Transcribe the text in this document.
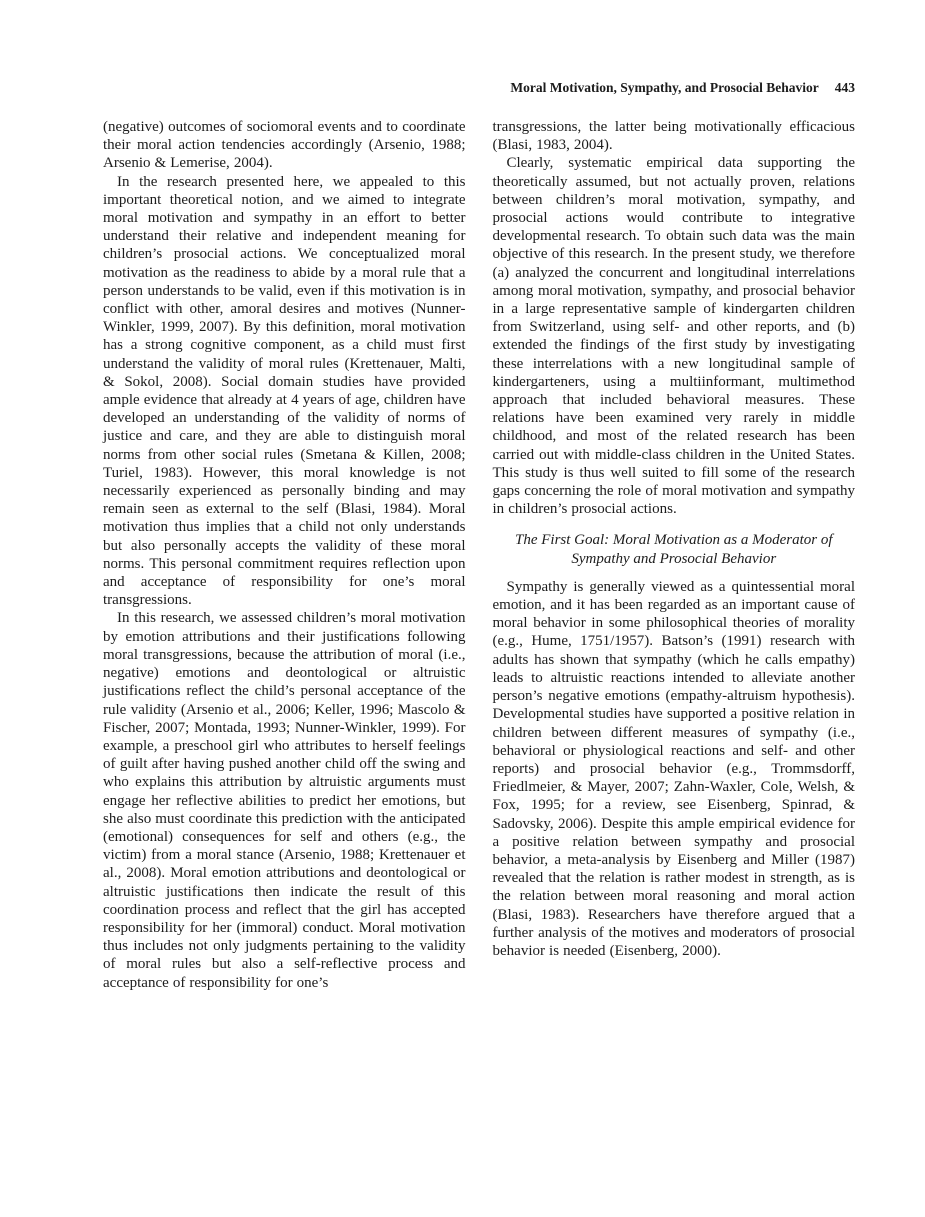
Moral Motivation, Sympathy, and Prosocial Behavior 443

(negative) outcomes of sociomoral events and to coordinate their moral action tendencies accordingly (Arsenio, 1988; Arsenio & Lemerise, 2004).

In the research presented here, we appealed to this important theoretical notion, and we aimed to integrate moral motivation and sympathy in an effort to better understand their relative and independent meaning for children’s prosocial actions. We conceptualized moral motivation as the readiness to abide by a moral rule that a person understands to be valid, even if this motivation is in conflict with other, amoral desires and motives (Nunner-Winkler, 1999, 2007). By this definition, moral motivation has a strong cognitive component, as a child must first understand the validity of moral rules (Krettenauer, Malti, & Sokol, 2008). Social domain studies have provided ample evidence that already at 4 years of age, children have developed an understanding of the validity of norms of justice and care, and they are able to distinguish moral norms from other social rules (Smetana & Killen, 2008; Turiel, 1983). However, this moral knowledge is not necessarily experienced as personally binding and may remain seen as external to the self (Blasi, 1984). Moral motivation thus implies that a child not only understands but also personally accepts the validity of these moral norms. This personal commitment requires reflection upon and acceptance of responsibility for one’s moral transgressions.

In this research, we assessed children’s moral motivation by emotion attributions and their justifications following moral transgressions, because the attribution of moral (i.e., negative) emotions and deontological or altruistic justifications reflect the child’s personal acceptance of the rule validity (Arsenio et al., 2006; Keller, 1996; Mascolo & Fischer, 2007; Montada, 1993; Nunner-Winkler, 1999). For example, a preschool girl who attributes to herself feelings of guilt after having pushed another child off the swing and who explains this attribution by altruistic arguments must engage her reflective abilities to predict her emotions, but she also must coordinate this prediction with the anticipated (emotional) consequences for self and others (e.g., the victim) from a moral stance (Arsenio, 1988; Krettenauer et al., 2008). Moral emotion attributions and deontological or altruistic justifications then indicate the result of this coordination process and reflect that the girl has accepted responsibility for her (immoral) conduct. Moral motivation thus includes not only judgments pertaining to the validity of moral rules but also a self-reflective process and acceptance of responsibility for one’s

transgressions, the latter being motivationally efficacious (Blasi, 1983, 2004).

Clearly, systematic empirical data supporting the theoretically assumed, but not actually proven, relations between children’s moral motivation, sympathy, and prosocial actions would contribute to integrative developmental research. To obtain such data was the main objective of this research. In the present study, we therefore (a) analyzed the concurrent and longitudinal interrelations among moral motivation, sympathy, and prosocial behavior in a large representative sample of kindergarten children from Switzerland, using self- and other reports, and (b) extended the findings of the first study by investigating these interrelations with a new longitudinal sample of kindergarteners, using a multiinformant, multimethod approach that included behavioral measures. These relations have been examined very rarely in middle childhood, and most of the related research has been carried out with middle-class children in the United States. This study is thus well suited to fill some of the research gaps concerning the role of moral motivation and sympathy in children’s prosocial actions.

The First Goal: Moral Motivation as a Moderator of Sympathy and Prosocial Behavior

Sympathy is generally viewed as a quintessential moral emotion, and it has been regarded as an important cause of moral behavior in some philosophical theories of morality (e.g., Hume, 1751/1957). Batson’s (1991) research with adults has shown that sympathy (which he calls empathy) leads to altruistic reactions intended to alleviate another person’s negative emotions (empathy-altruism hypothesis). Developmental studies have supported a positive relation in children between different measures of sympathy (i.e., behavioral or physiological reactions and self- and other reports) and prosocial behavior (e.g., Trommsdorff, Friedlmeier, & Mayer, 2007; Zahn-Waxler, Cole, Welsh, & Fox, 1995; for a review, see Eisenberg, Spinrad, & Sadovsky, 2006). Despite this ample empirical evidence for a positive relation between sympathy and prosocial behavior, a meta-analysis by Eisenberg and Miller (1987) revealed that the relation is rather modest in strength, as is the relation between moral reasoning and moral action (Blasi, 1983). Researchers have therefore argued that a further analysis of the motives and moderators of prosocial behavior is needed (Eisenberg, 2000).
